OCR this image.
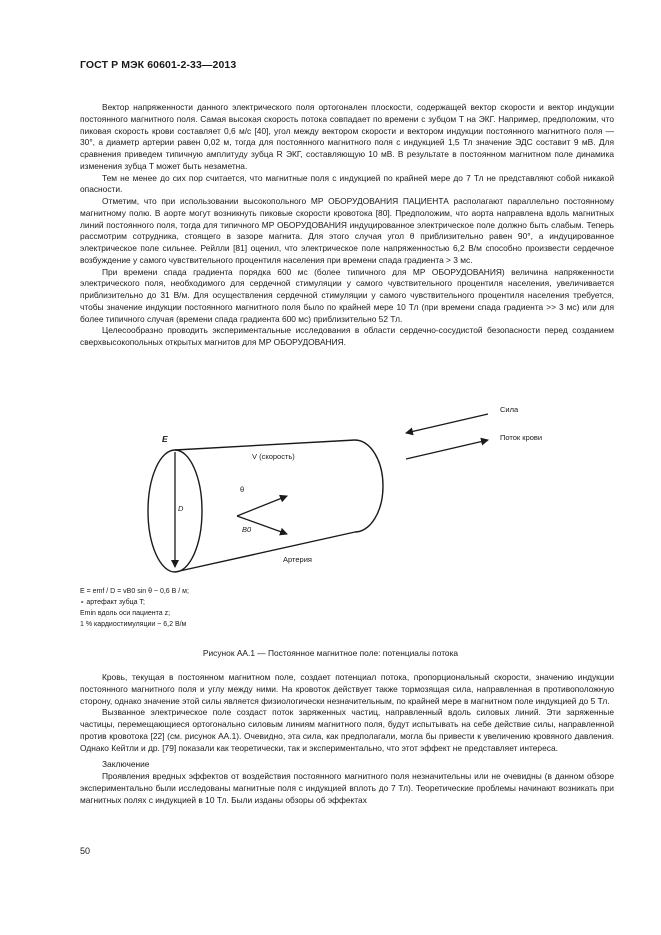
ГОСТ Р МЭК 60601-2-33—2013

Вектор напряженности данного электрического поля ортогонален плоскости, содержащей вектор скорости и вектор индукции постоянного магнитного поля. Самая высокая скорость потока совпадает по времени с зубцом T на ЭКГ. Например, предположим, что пиковая скорость крови составляет 0,6 м/с [40], угол между вектором скорости и вектором индукции постоянного магнитного поля — 30°, а диаметр артерии равен 0,02 м, тогда для постоянного магнитного поля с индукцией 1,5 Тл значение ЭДС составит 9 мВ. Для сравнения приведем типичную амплитуду зубца R ЭКГ, составляющую 10 мВ. В результате в постоянном магнитном поле динамика изменения зубца T может быть незаметна.

Тем не менее до сих пор считается, что магнитные поля с индукцией по крайней мере до 7 Тл не представляют собой никакой опасности.

Отметим, что при использовании высокопольного МР ОБОРУДОВАНИЯ ПАЦИЕНТА располагают параллельно постоянному магнитному полю. В аорте могут возникнуть пиковые скорости кровотока [80]. Предположим, что аорта направлена вдоль магнитных линий постоянного поля, тогда для типичного МР ОБОРУДОВАНИЯ индуцированное электрическое поле должно быть слабым. Теперь рассмотрим сотрудника, стоящего в зазоре магнита. Для этого случая угол θ приблизительно равен 90°, а индуцированное электрическое поле сильнее. Рейлли [81] оценил, что электрическое поле напряженностью 6,2 В/м способно произвести сердечное возбуждение у самого чувствительного процентиля населения при времени спада градиента > 3 мс.

При времени спада градиента порядка 600 мс (более типичного для МР ОБОРУДОВАНИЯ) величина напряженности электрического поля, необходимого для сердечной стимуляции у самого чувствительного процентиля населения, увеличивается приблизительно до 31 В/м. Для осуществления сердечной стимуляции у самого чувствительного процентиля населения требуется, чтобы значение индукции постоянного магнитного поля было по крайней мере 10 Тл (при времени спада градиента >> 3 мс) или для более типичного случая (времени спада градиента 600 мс) приблизительно 52 Тл.

Целесообразно проводить экспериментальные исследования в области сердечно-сосудистой безопасности перед созданием сверхвысокопольных открытых магнитов для МР ОБОРУДОВАНИЯ.

E
V (скорость)
θ
D
B0
Артерия
Сила
Поток крови
E = emf / D = vB0 sin θ ~ 0,6 В / м;
∘ артефакт зубца T;
Emin вдоль оси пациента z;
1 % кардиостимуляции ~ 6,2 В/м
Рисунок АА.1 — Постоянное магнитное поле: потенциалы потока

Кровь, текущая в постоянном магнитном поле, создает потенциал потока, пропорциональный скорости, значению индукции постоянного магнитного поля и углу между ними. На кровоток действует также тормозящая сила, направленная в противоположную сторону, однако значение этой силы является физиологически незначительным, по крайней мере в магнитном поле индукцией до 5 Тл.

Вызванное электрическое поле создаст поток заряженных частиц, направленный вдоль силовых линий. Эти заряженные частицы, перемещающиеся ортогонально силовым линиям магнитного поля, будут испытывать на себе действие силы, направленной против кровотока [22] (см. рисунок АА.1). Очевидно, эта сила, как предполагали, могла бы привести к увеличению кровяного давления. Однако Кейтли и др. [79] показали как теоретически, так и экспериментально, что этот эффект не представляет интереса.

Заключение

Проявления вредных эффектов от воздействия постоянного магнитного поля незначительны или не очевидны (в данном обзоре экспериментально были исследованы магнитные поля с индукцией вплоть до 7 Тл). Теоретические проблемы начинают возникать при магнитных полях с индукцией в 10 Тл. Были изданы обзоры об эффектах

50
